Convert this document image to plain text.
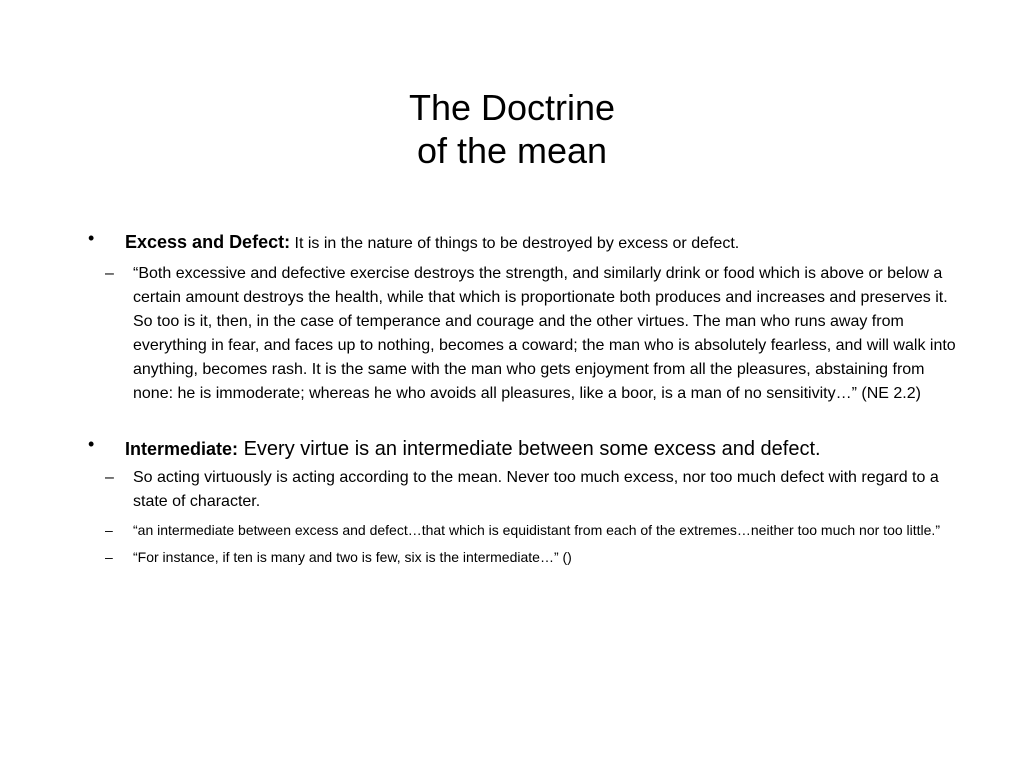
The Doctrine
of the mean
• Excess and Defect: It is in the nature of things to be destroyed by excess or defect.
– “Both excessive and defective exercise destroys the strength, and similarly drink or food which is above or below a certain amount destroys the health, while that which is proportionate both produces and increases and preserves it. So too is it, then, in the case of temperance and courage and the other virtues. The man who runs away from everything in fear, and faces up to nothing, becomes a coward; the man who is absolutely fearless, and will walk into anything, becomes rash. It is the same with the man who gets enjoyment from all the pleasures, abstaining from none: he is immoderate; whereas he who avoids all pleasures, like a boor, is a man of no sensitivity…” (NE 2.2)
• Intermediate: Every virtue is an intermediate between some excess and defect.
– So acting virtuously is acting according to the mean. Never too much excess, nor too much defect with regard to a state of character.
– “an intermediate between excess and defect…that which is equidistant from each of the extremes…neither too much nor too little.”
– “For instance, if ten is many and two is few, six is the intermediate…” ()
